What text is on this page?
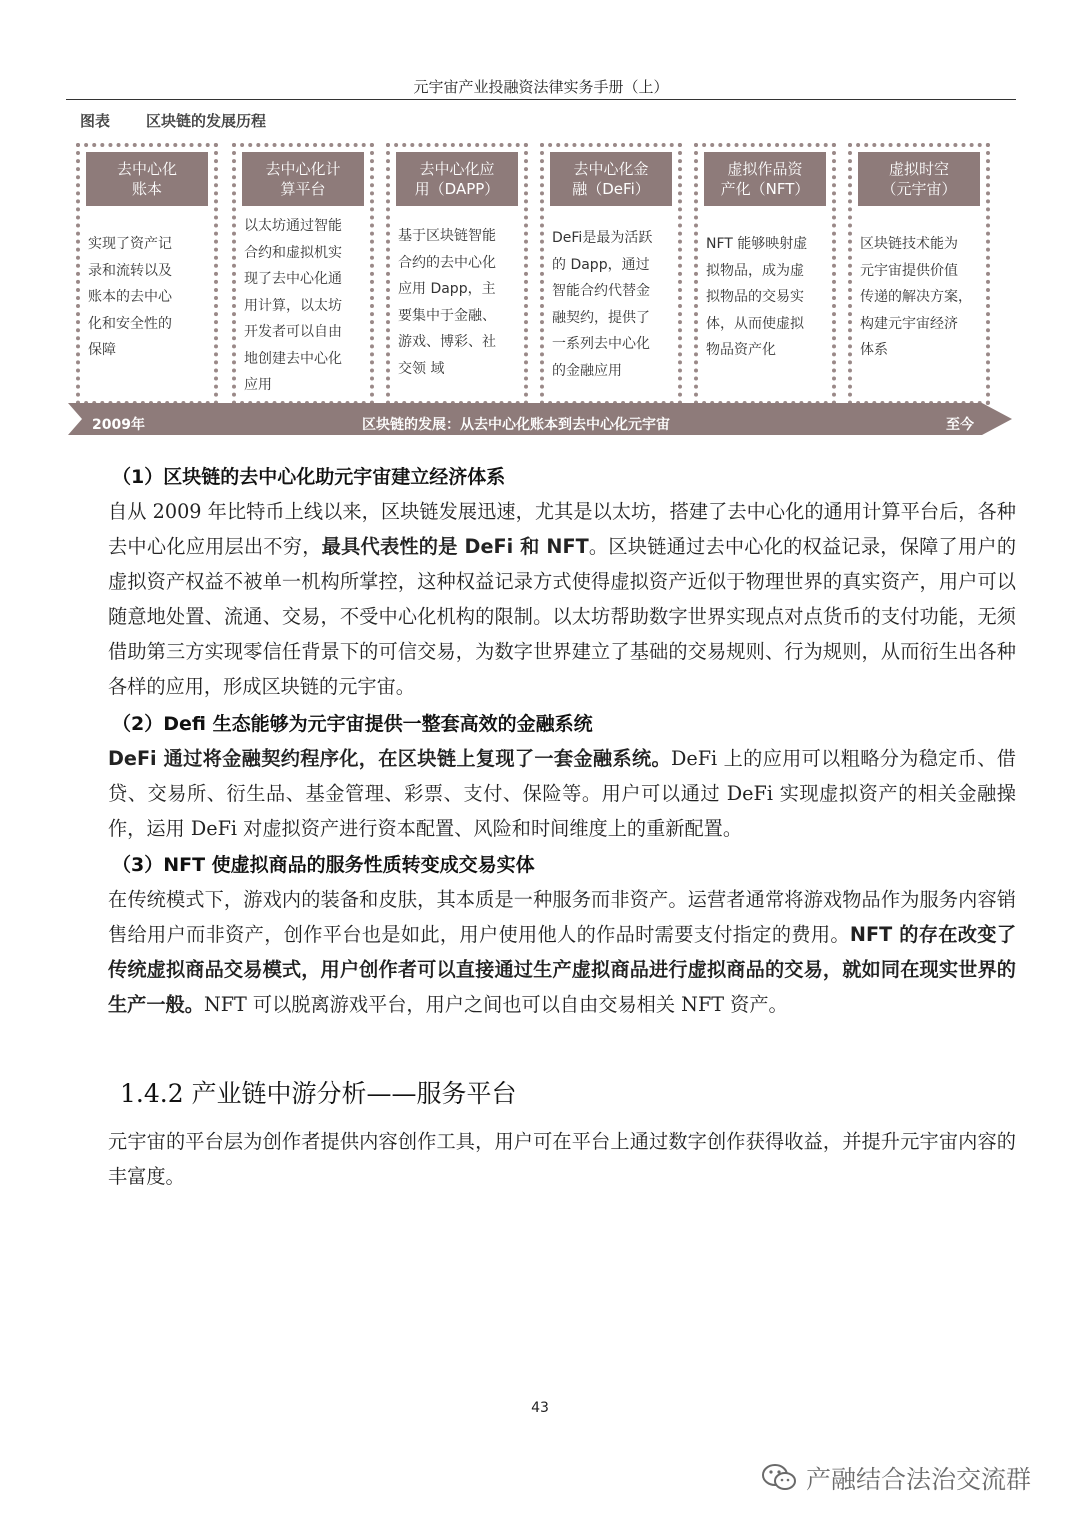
元宇宙产业投融资法律实务手册（上）
图表 区块链的发展历程
去中心化
账本
实现了资产记
录和流转以及
账本的去中心
化和安全性的
保障
去中心化计
算平台
以太坊通过智能
合约和虚拟机实
现了去中心化通
用计算，以太坊
开发者可以自由
地创建去中心化
应用
去中心化应
用（DAPP）
基于区块链智能
合约的去中心化
应用 Dapp，主
要集中于金融、
游戏、博彩、社
交领 域
去中心化金
融（DeFi）
DeFi是最为活跃
的 Dapp，通过
智能合约代替金
融契约，提供了
一系列去中心化
的金融应用
虚拟作品资
产化（NFT）
NFT 能够映射虚
拟物品，成为虚
拟物品的交易实
体，从而使虚拟
物品资产化
虚拟时空
（元宇宙）
区块链技术能为
元宇宙提供价值
传递的解决方案，
构建元宇宙经济
体系
2009年	区块链的发展：从去中心化账本到去中心化元宇宙	至今
（1）区块链的去中心化助元宇宙建立经济体系

自从 2009 年比特币上线以来，区块链发展迅速，尤其是以太坊，搭建了去中心化的通用计算平台后，各种去中心化应用层出不穷，最具代表性的是 DeFi 和 NFT。区块链通过去中心化的权益记录，保障了用户的虚拟资产权益不被单一机构所掌控，这种权益记录方式使得虚拟资产近似于物理世界的真实资产，用户可以随意地处置、流通、交易，不受中心化机构的限制。以太坊帮助数字世界实现点对点货币的支付功能，无须借助第三方实现零信任背景下的可信交易，为数字世界建立了基础的交易规则、行为规则，从而衍生出各种各样的应用，形成区块链的元宇宙。

（2）Defi 生态能够为元宇宙提供一整套高效的金融系统

DeFi 通过将金融契约程序化，在区块链上复现了一套金融系统。DeFi 上的应用可以粗略分为稳定币、借贷、交易所、衍生品、基金管理、彩票、支付、保险等。用户可以通过 DeFi 实现虚拟资产的相关金融操作，运用 DeFi 对虚拟资产进行资本配置、风险和时间维度上的重新配置。

（3）NFT 使虚拟商品的服务性质转变成交易实体

在传统模式下，游戏内的装备和皮肤，其本质是一种服务而非资产。运营者通常将游戏物品作为服务内容销售给用户而非资产，创作平台也是如此，用户使用他人的作品时需要支付指定的费用。NFT 的存在改变了传统虚拟商品交易模式，用户创作者可以直接通过生产虚拟商品进行虚拟商品的交易，就如同在现实世界的生产一般。NFT 可以脱离游戏平台，用户之间也可以自由交易相关 NFT 资产。

1.4.2 产业链中游分析——服务平台

元宇宙的平台层为创作者提供内容创作工具，用户可在平台上通过数字创作获得收益，并提升元宇宙内容的丰富度。

43
产融结合法治交流群
